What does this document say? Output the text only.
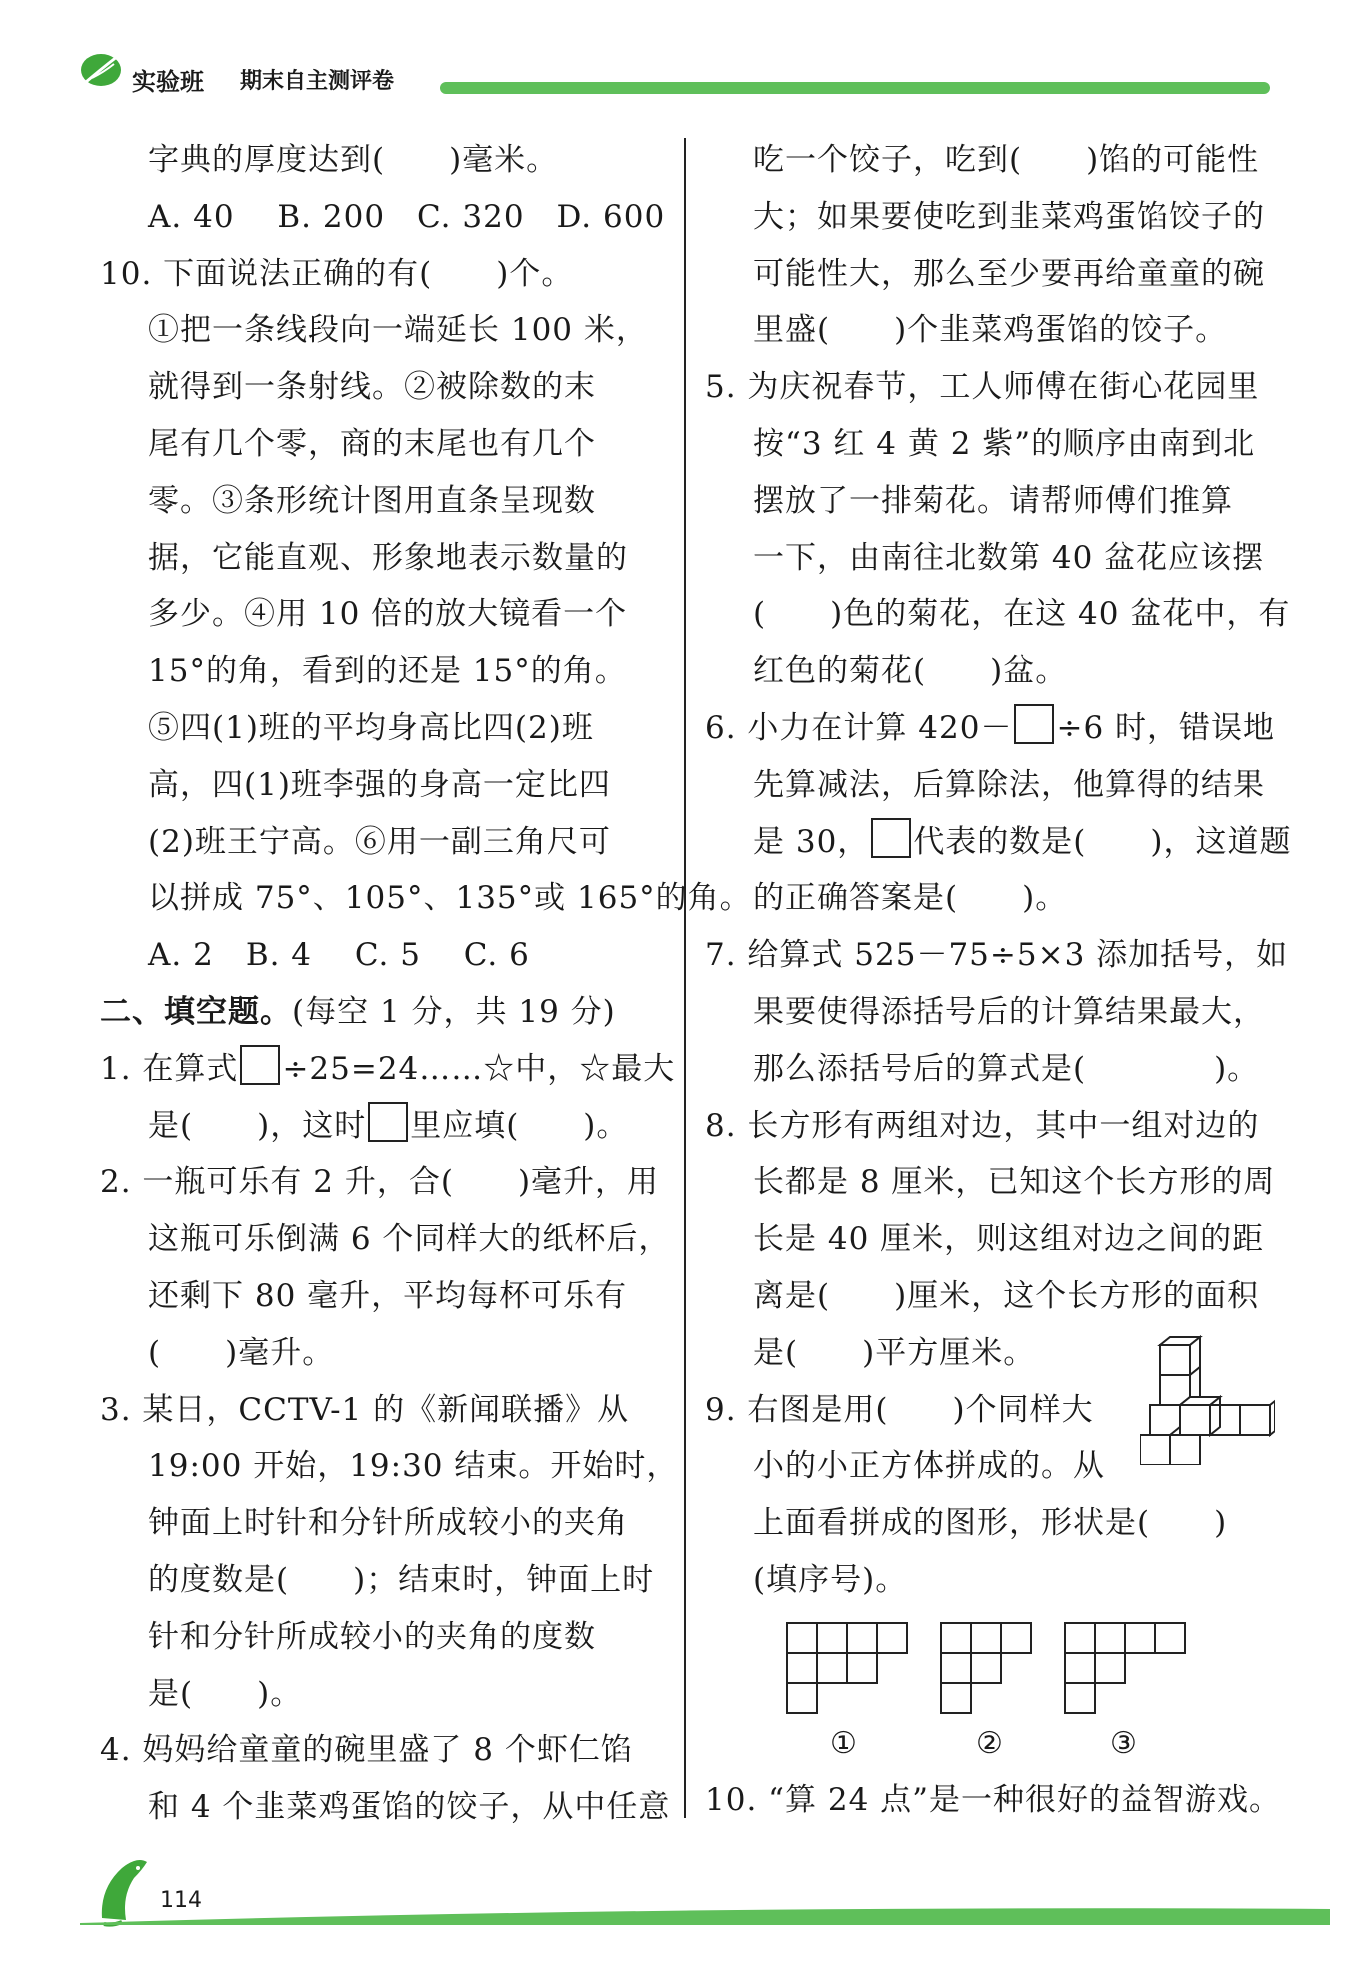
实验班 期末自主测评卷
字典的厚度达到(　　)毫米。
A. 40　 B. 200　C. 320　D. 600
10. 下面说法正确的有(　　)个。
①把一条线段向一端延长 100 米，
就得到一条射线。②被除数的末
尾有几个零，商的末尾也有几个
零。③条形统计图用直条呈现数
据，它能直观、形象地表示数量的
多少。④用 10 倍的放大镜看一个
15°的角，看到的还是 15°的角。
⑤四(1)班的平均身高比四(2)班
高，四(1)班李强的身高一定比四
(2)班王宁高。⑥用一副三角尺可
以拼成 75°、105°、135°或 165°的角。
A. 2　B. 4　 C. 5　 C. 6
二、填空题。(每空 1 分，共 19 分)
1. 在算式 ÷25=24……☆中，☆最大
是(　　)，这时 里应填(　　)。
2. 一瓶可乐有 2 升，合(　　)毫升，用
这瓶可乐倒满 6 个同样大的纸杯后，
还剩下 80 毫升，平均每杯可乐有
(　　)毫升。
3. 某日，CCTV-1 的《新闻联播》从
19:00 开始，19:30 结束。开始时，
钟面上时针和分针所成较小的夹角
的度数是(　　)；结束时，钟面上时
针和分针所成较小的夹角的度数
是(　　)。
4. 妈妈给童童的碗里盛了 8 个虾仁馅
和 4 个韭菜鸡蛋馅的饺子，从中任意
吃一个饺子，吃到(　　)馅的可能性
大；如果要使吃到韭菜鸡蛋馅饺子的
可能性大，那么至少要再给童童的碗
里盛(　　)个韭菜鸡蛋馅的饺子。
5. 为庆祝春节，工人师傅在街心花园里
按“3 红 4 黄 2 紫”的顺序由南到北
摆放了一排菊花。请帮师傅们推算
一下，由南往北数第 40 盆花应该摆
(　　)色的菊花，在这 40 盆花中，有
红色的菊花(　　)盆。
6. 小力在计算 420－ ÷6 时，错误地
先算减法，后算除法，他算得的结果
是 30， 代表的数是(　　)，这道题
的正确答案是(　　)。
7. 给算式 525－75÷5×3 添加括号，如
果要使得添括号后的计算结果最大，
那么添括号后的算式是(　　　　)。
8. 长方形有两组对边，其中一组对边的
长都是 8 厘米，已知这个长方形的周
长是 40 厘米，则这组对边之间的距
离是(　　)厘米，这个长方形的面积
是(　　)平方厘米。
9. 右图是用(　　)个同样大
小的小正方体拼成的。从
上面看拼成的图形，形状是(　　)
(填序号)。
①	②	③
10. “算 24 点”是一种很好的益智游戏。
114
